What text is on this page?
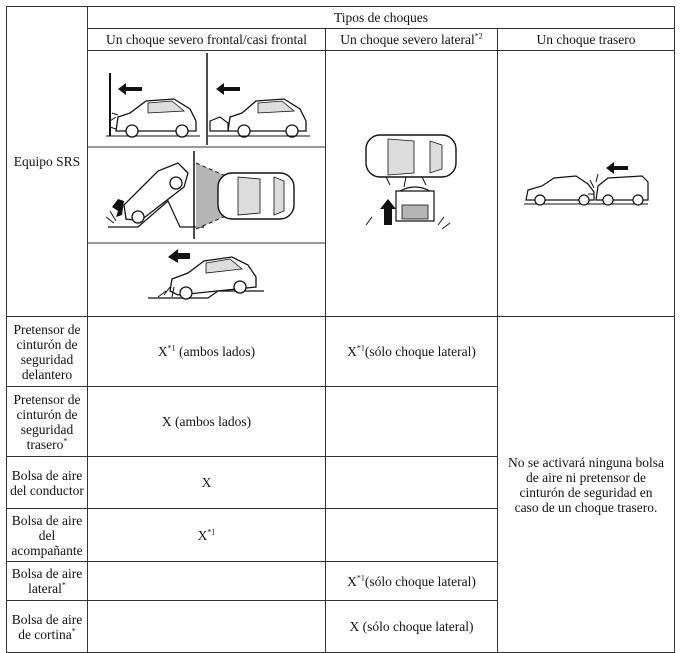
Equipo SRS	Tipos de choques		
	Un choque severo frontal/casi frontal	Un choque severo lateral$^{*2}$	Un choque trasero

Pretensor de cinturón de seguridad delantero	$X^{*1}$ (ambos lados)	$X^{*1}(sólo$ choque lateral)	No se activará ninguna bolsa de aire ni pretensor de cinturón de seguridad en caso de un choque trasero.
Pretensor de cinturón de seguridad trasero*	X (ambos lados)		
Bolsa de aire del conductor	X		
Bolsa de aire del acompañante	$X^{*1}$	
Bolsa de aire lateral*		$X^{*1}(sólo$ choque lateral)	
Bolsa de aire de cortina*		X (sólo choque lateral)	
